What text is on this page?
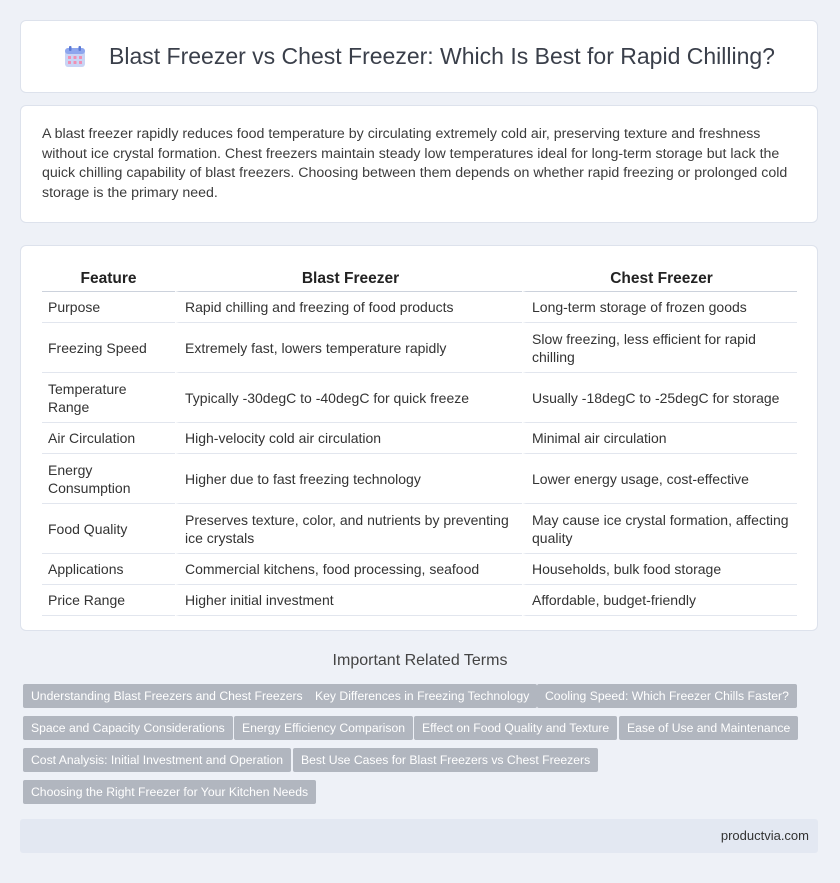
Blast Freezer vs Chest Freezer: Which Is Best for Rapid Chilling?

A blast freezer rapidly reduces food temperature by circulating extremely cold air, preserving texture and freshness without ice crystal formation. Chest freezers maintain steady low temperatures ideal for long-term storage but lack the quick chilling capability of blast freezers. Choosing between them depends on whether rapid freezing or prolonged cold storage is the primary need.

Feature	Blast Freezer	Chest Freezer
Purpose	Rapid chilling and freezing of food products	Long-term storage of frozen goods
Freezing Speed	Extremely fast, lowers temperature rapidly	Slow freezing, less efficient for rapid chilling
Temperature Range	Typically -30degC to -40degC for quick freeze	Usually -18degC to -25degC for storage
Air Circulation	High-velocity cold air circulation	Minimal air circulation
Energy Consumption	Higher due to fast freezing technology	Lower energy usage, cost-effective
Food Quality	Preserves texture, color, and nutrients by preventing ice crystals	May cause ice crystal formation, affecting quality
Applications	Commercial kitchens, food processing, seafood	Households, bulk food storage
Price Range	Higher initial investment	Affordable, budget-friendly
Important Related Terms
Understanding Blast Freezers and Chest Freezers	Key Differences in Freezing Technology	Cooling Speed: Which Freezer Chills Faster?
Space and Capacity Considerations	Energy Efficiency Comparison	Effect on Food Quality and Texture	Ease of Use and Maintenance
Cost Analysis: Initial Investment and Operation	Best Use Cases for Blast Freezers vs Chest Freezers
Choosing the Right Freezer for Your Kitchen Needs
productvia.com
